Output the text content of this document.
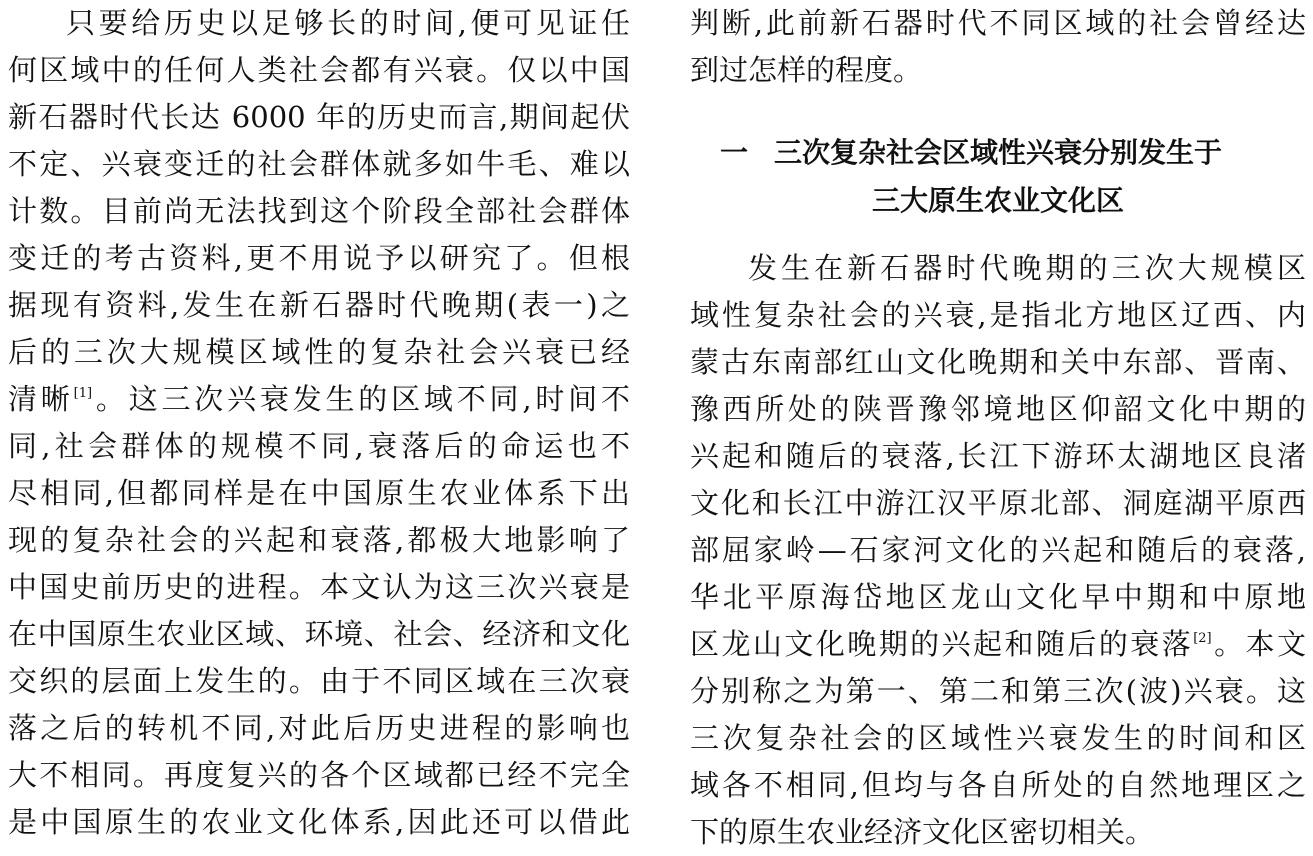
只要给历史以足够长的时间,便可见证任
何区域中的任何人类社会都有兴衰。仅以中国
新石器时代长达 6000 年的历史而言,期间起伏
不定、兴衰变迁的社会群体就多如牛毛、难以
计数。目前尚无法找到这个阶段全部社会群体
变迁的考古资料,更不用说予以研究了。但根
据现有资料,发生在新石器时代晚期(表一)之
后的三次大规模区域性的复杂社会兴衰已经
清晰[1]。这三次兴衰发生的区域不同,时间不
同,社会群体的规模不同,衰落后的命运也不
尽相同,但都同样是在中国原生农业体系下出
现的复杂社会的兴起和衰落,都极大地影响了
中国史前历史的进程。本文认为这三次兴衰是
在中国原生农业区域、环境、社会、经济和文化
交织的层面上发生的。由于不同区域在三次衰
落之后的转机不同,对此后历史进程的影响也
大不相同。再度复兴的各个区域都已经不完全
是中国原生的农业文化体系,因此还可以借此
判断,此前新石器时代不同区域的社会曾经达
到过怎样的程度。
一 三次复杂社会区域性兴衰分别发生于
三大原生农业文化区
发生在新石器时代晚期的三次大规模区
域性复杂社会的兴衰,是指北方地区辽西、内
蒙古东南部红山文化晚期和关中东部、晋南、
豫西所处的陕晋豫邻境地区仰韶文化中期的
兴起和随后的衰落,长江下游环太湖地区良渚
文化和长江中游江汉平原北部、洞庭湖平原西
部屈家岭—石家河文化的兴起和随后的衰落,
华北平原海岱地区龙山文化早中期和中原地
区龙山文化晚期的兴起和随后的衰落[2]。本文
分别称之为第一、第二和第三次(波)兴衰。这
三次复杂社会的区域性兴衰发生的时间和区
域各不相同,但均与各自所处的自然地理区之
下的原生农业经济文化区密切相关。
